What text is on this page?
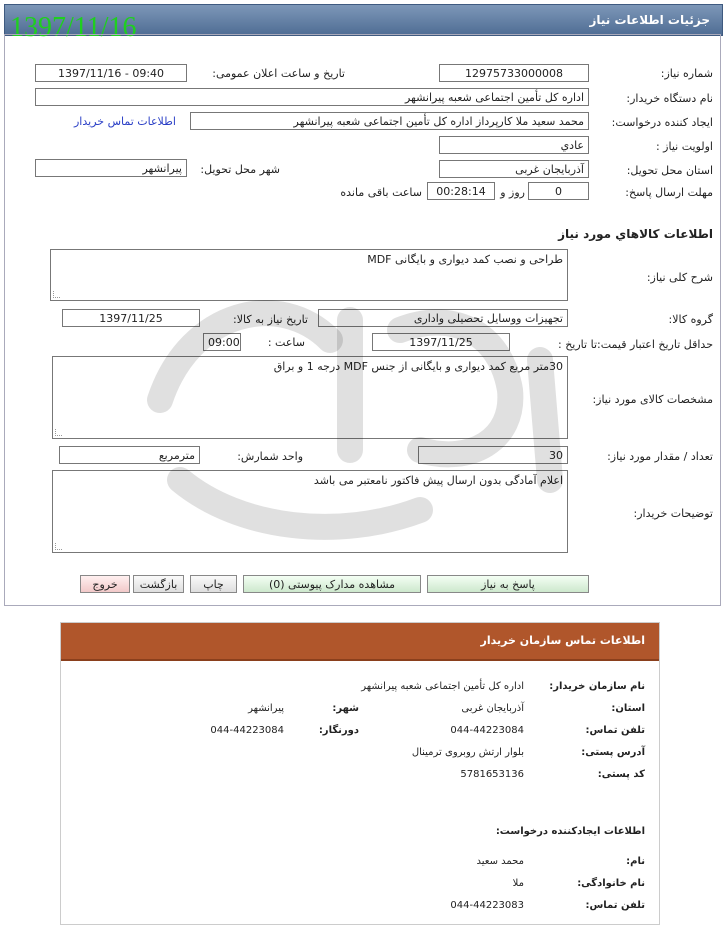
جزئیات اطلاعات نیاز
1397/11/16
شماره نیاز:
12975733000008
تاریخ و ساعت اعلان عمومی:
1397/11/16 - 09:40
نام دستگاه خریدار:
اداره کل تأمین اجتماعی شعبه پیرانشهر
ایجاد کننده درخواست:
محمد سعید ملا کارپرداز اداره کل تأمین اجتماعی شعبه پیرانشهر
اطلاعات تماس خریدار
اولویت نیاز :
عادي
استان محل تحویل:
آذربایجان غربی
شهر محل تحویل:
پیرانشهر
مهلت ارسال پاسخ:
0
روز و
00:28:14
ساعت باقی مانده
اطلاعات کالاهاي مورد نياز
شرح کلی نیاز:
طراحی و نصب کمد دیواری و بایگانی MDF
گروه کالا:
تجهیزات ووسایل تحصیلی واداری
تاریخ نیاز به کالا:
1397/11/25
حداقل تاریخ اعتبار قیمت:
تا تاریخ :
1397/11/25
ساعت :
09:00
مشخصات کالای مورد نیاز:
30متر مربع کمد دیواری و بایگانی از جنس MDF درجه 1 و براق
تعداد / مقدار مورد نیاز:
30
واحد شمارش:
مترمربع
توضیحات خریدار:
اعلام آمادگی بدون ارسال پیش فاکتور نامعتبر می باشد
پاسخ به نیاز
مشاهده مدارک پیوستی (0)
چاپ
بازگشت
خروج
اطلاعات تماس سازمان خریدار
نام سازمان خریدار:
اداره کل تأمین اجتماعی شعبه پیرانشهر
استان:
آذربایجان غربی
شهر:
پیرانشهر
تلفن تماس:
044-44223084
دورنگار:
044-44223084
آدرس پستی:
بلوار ارتش روبروی ترمینال
کد پستی:
5781653136
اطلاعات ایجادکننده درخواست:
نام:
محمد سعید
نام خانوادگی:
ملا
تلفن تماس:
044-44223083
